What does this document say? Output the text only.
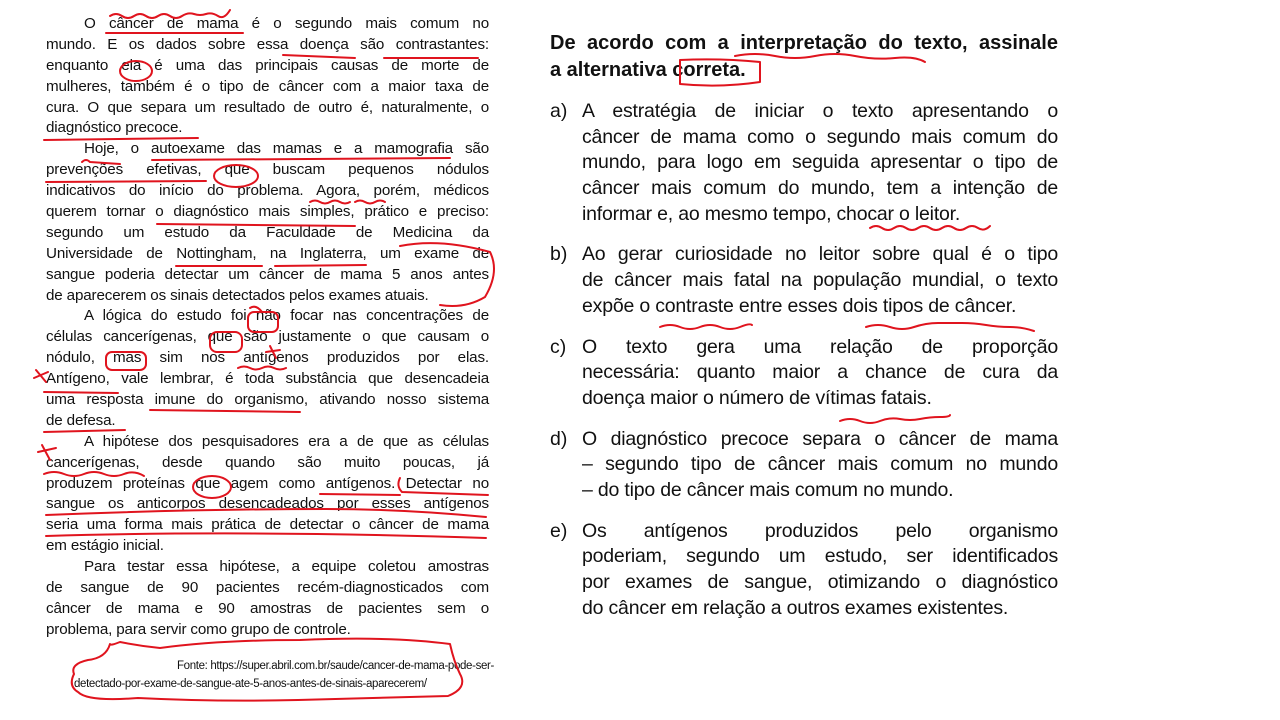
O câncer de mama é o segundo mais comum no
mundo. E os dados sobre essa doença são contrastantes:
enquanto ela é uma das principais causas de morte de
mulheres, também é o tipo de câncer com a maior taxa de
cura. O que separa um resultado de outro é, naturalmente, o
diagnóstico precoce.
Hoje, o autoexame das mamas e a mamografia são
prevenções efetivas, que buscam pequenos nódulos
indicativos do início do problema. Agora, porém, médicos
querem tornar o diagnóstico mais simples, prático e preciso:
segundo um estudo da Faculdade de Medicina da
Universidade de Nottingham, na Inglaterra, um exame de
sangue poderia detectar um câncer de mama 5 anos antes
de aparecerem os sinais detectados pelos exames atuais.
A lógica do estudo foi não focar nas concentrações de
células cancerígenas, que são justamente o que causam o
nódulo, mas sim nos antígenos produzidos por elas.
Antígeno, vale lembrar, é toda substância que desencadeia
uma resposta imune do organismo, ativando nosso sistema
de defesa.
A hipótese dos pesquisadores era a de que as células
cancerígenas, desde quando são muito poucas, já
produzem proteínas que agem como antígenos. Detectar no
sangue os anticorpos desencadeados por esses antígenos
seria uma forma mais prática de detectar o câncer de mama
em estágio inicial.
Para testar essa hipótese, a equipe coletou amostras
de sangue de 90 pacientes recém-diagnosticados com
câncer de mama e 90 amostras de pacientes sem o
problema, para servir como grupo de controle.
Fonte: https://super.abril.com.br/saude/cancer-de-mama-pode-ser-
detectado-por-exame-de-sangue-ate-5-anos-antes-de-sinais-aparecerem/
De acordo com a interpretação do texto, assinale
a alternativa correta.
a) A estratégia de iniciar o texto apresentando o
câncer de mama como o segundo mais comum do
mundo, para logo em seguida apresentar o tipo de
câncer mais comum do mundo, tem a intenção de
informar e, ao mesmo tempo, chocar o leitor.
b) Ao gerar curiosidade no leitor sobre qual é o tipo
de câncer mais fatal na população mundial, o texto
expõe o contraste entre esses dois tipos de câncer.
c) O texto gera uma relação de proporção
necessária: quanto maior a chance de cura da
doença maior o número de vítimas fatais.
d) O diagnóstico precoce separa o câncer de mama
– segundo tipo de câncer mais comum no mundo
– do tipo de câncer mais comum no mundo.
e) Os antígenos produzidos pelo organismo
poderiam, segundo um estudo, ser identificados
por exames de sangue, otimizando o diagnóstico
do câncer em relação a outros exames existentes.
